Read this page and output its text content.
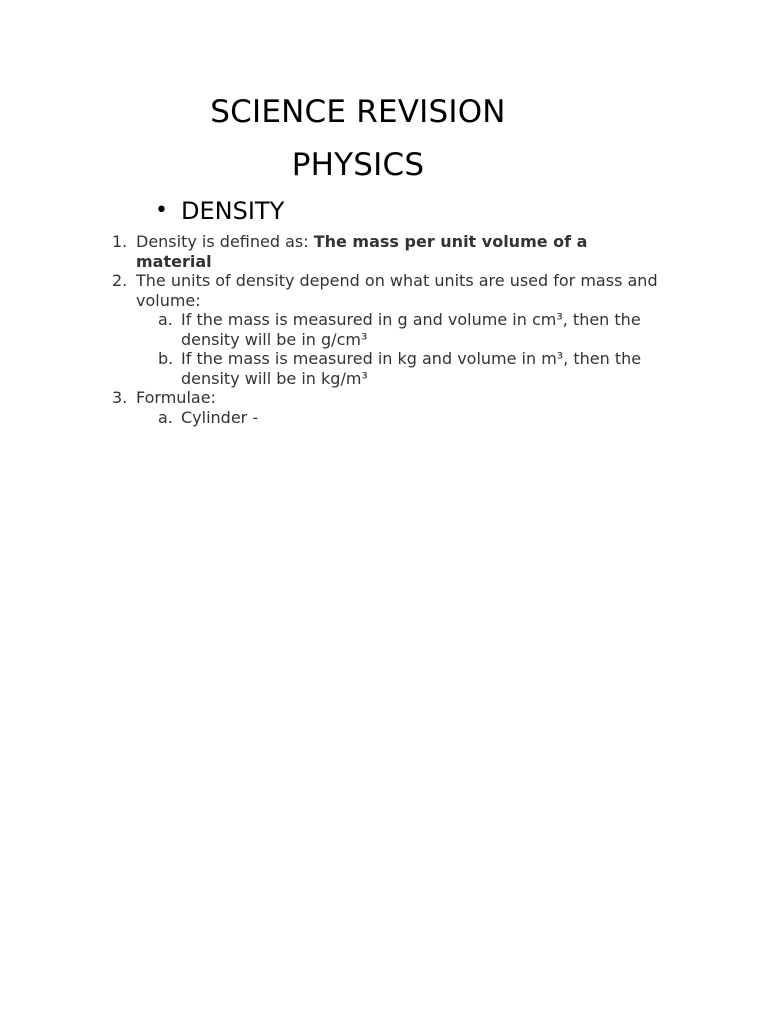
SCIENCE REVISION
PHYSICS
• DENSITY
1. Density is defined as: The mass per unit volume of a material
2. The units of density depend on what units are used for mass and volume:
a. If the mass is measured in g and volume in cm³, then the density will be in g/cm³
b. If the mass is measured in kg and volume in m³, then the density will be in kg/m³
3. Formulae:
a. Cylinder -
